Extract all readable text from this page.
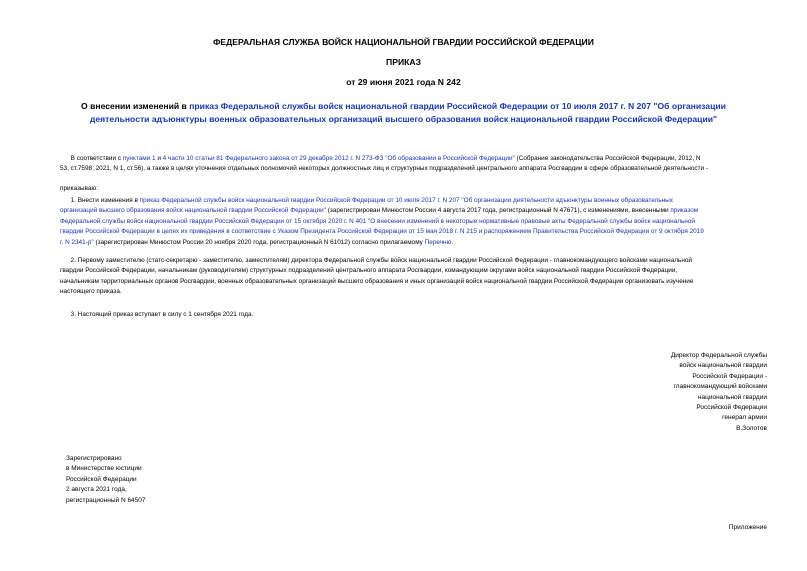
ФЕДЕРАЛЬНАЯ СЛУЖБА ВОЙСК НАЦИОНАЛЬНОЙ ГВАРДИИ РОССИЙСКОЙ ФЕДЕРАЦИИ
ПРИКАЗ
от 29 июня 2021 года N 242
О внесении изменений в приказ Федеральной службы войск национальной гвардии Российской Федерации от 10 июля 2017 г. N 207 "Об организации
деятельности адъюнктуры военных образовательных организаций высшего образования войск национальной гвардии Российской Федерации"
В соответствии с пунктами 1 и 4 части 10 статьи 81 Федерального закона от 29 декабря 2012 г. N 273-ФЗ "Об образовании в Российской Федерации" (Собрание законодательства Российской Федерации, 2012, N
53, ст.7598; 2021, N 1, ст.56), а также в целях уточнения отдельных полномочий некоторых должностных лиц и структурных подразделений центрального аппарата Росгвардии в сфере образовательной деятельности -
приказываю:
1. Внести изменения в приказ Федеральной службы войск национальной гвардии Российской Федерации от 10 июля 2017 г. N 207 "Об организации деятельности адъюнктуры военных образовательных
организаций высшего образования войск национальной гвардии Российской Федерации" (зарегистрирован Минюстом России 4 августа 2017 года, регистрационный N 47671), с изменениями, внесенными приказом
Федеральной службы войск национальной гвардии Российской Федерации от 15 октября 2020 г. N 401 "О внесении изменений в некоторые нормативные правовые акты Федеральной службы войск национальной
гвардии Российской Федерации в целях их приведения в соответствие с Указом Президента Российской Федерации от 15 мая 2018 г. N 215 и распоряжением Правительства Российской Федерации от 9 октября 2019
г. N 2341-р" (зарегистрирован Минюстом России 20 ноября 2020 года, регистрационный N 61012) согласно прилагаемому Перечню.
2. Первому заместителю (статс-секретарю - заместителю, заместителям) директора Федеральной службы войск национальной гвардии Российской Федерации - главнокомандующего войсками национальной
гвардии Российской Федерации, начальникам (руководителям) структурных подразделений центрального аппарата Росгвардии, командующим округами войск национальной гвардии Российской Федерации,
начальникам территориальных органов Росгвардии, военных образовательных организаций высшего образования и иных организаций войск национальной гвардии Российской Федерации организовать изучение
настоящего приказа.
3. Настоящий приказ вступает в силу с 1 сентября 2021 года.
Директор Федеральной службы
войск национальной гвардии
Российской Федерации -
главнокомандующий войсками
национальной гвардии
Российской Федерации
генерал армии
В.Золотов
Зарегистрировано
в Министерстве юстиции
Российской Федерации
2 августа 2021 года,
регистрационный N 64507
Приложение
